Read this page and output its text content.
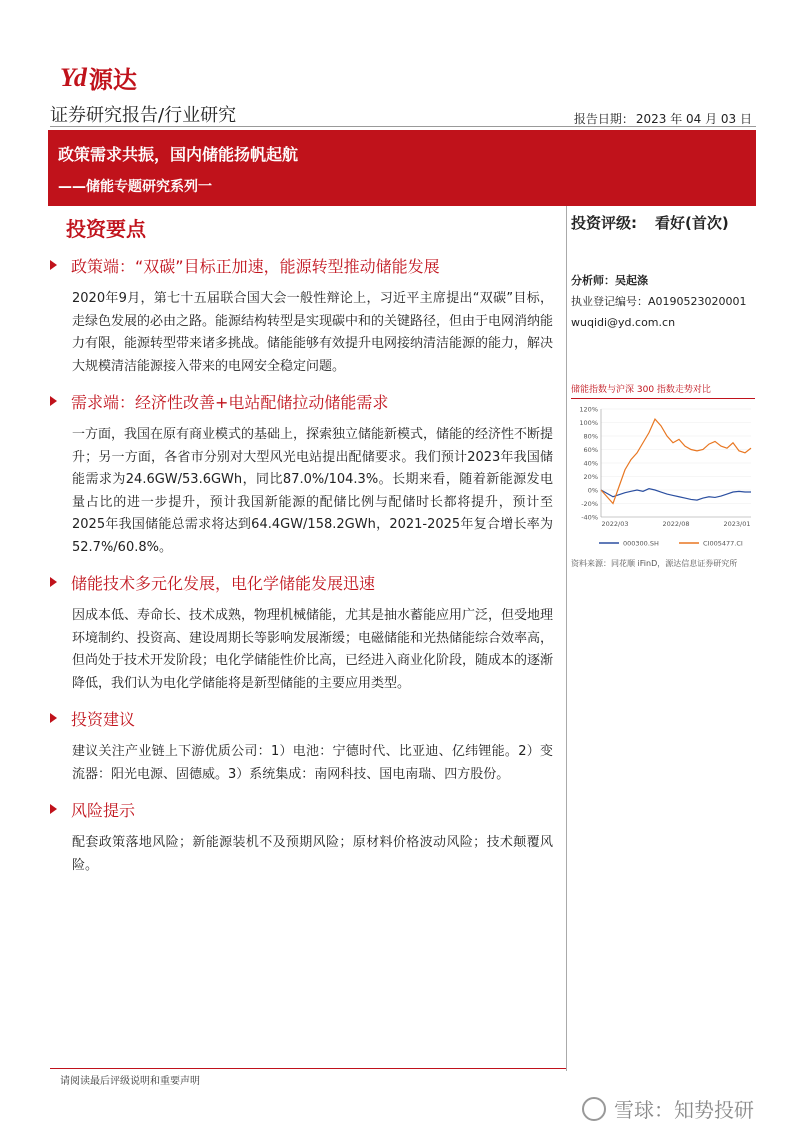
Yd 源达
证券研究报告/行业研究	报告日期： 2023 年 04 月 03 日
政策需求共振，国内储能扬帆起航
——储能专题研究系列一
投资要点
政策端：“双碳”目标正加速，能源转型推动储能发展
2020年9月，第七十五届联合国大会一般性辩论上，习近平主席提出“双碳”目标，走绿色发展的必由之路。能源结构转型是实现碳中和的关键路径，但由于电网消纳能力有限，能源转型带来诸多挑战。储能能够有效提升电网接纳清洁能源的能力，解决大规模清洁能源接入带来的电网安全稳定问题。
需求端：经济性改善+电站配储拉动储能需求
一方面，我国在原有商业模式的基础上，探索独立储能新模式，储能的经济性不断提升；另一方面，各省市分别对大型风光电站提出配储要求。我们预计2023年我国储能需求为24.6GW/53.6GWh，同比87.0%/104.3%。长期来看，随着新能源发电量占比的进一步提升，预计我国新能源的配储比例与配储时长都将提升，预计至2025年我国储能总需求将达到64.4GW/158.2GWh，2021-2025年复合增长率为52.7%/60.8%。
储能技术多元化发展，电化学储能发展迅速
因成本低、寿命长、技术成熟，物理机械储能，尤其是抽水蓄能应用广泛，但受地理环境制约、投资高、建设周期长等影响发展渐缓；电磁储能和光热储能综合效率高，但尚处于技术开发阶段；电化学储能性价比高，已经进入商业化阶段，随成本的逐渐降低，我们认为电化学储能将是新型储能的主要应用类型。
投资建议
建议关注产业链上下游优质公司：1）电池：宁德时代、比亚迪、亿纬锂能。2）变流器：阳光电源、固德威。3）系统集成：南网科技、国电南瑞、四方股份。
风险提示
配套政策落地风险；新能源装机不及预期风险；原材料价格波动风险；技术颠覆风险。
投资评级: 看好(首次)
分析师：吴起涤
执业登记编号：A0190523020001
wuqidi@yd.com.cn
储能指数与沪深 300 指数走势对比
120%
100%
80%
60%
40%
20%
0%
-20%
-40%
2022/03	2022/08	2023/01
000300.SH	CI005477.CI
资料来源：同花顺 iFinD，源达信息证券研究所
请阅读最后评级说明和重要声明
雪球：知势投研
